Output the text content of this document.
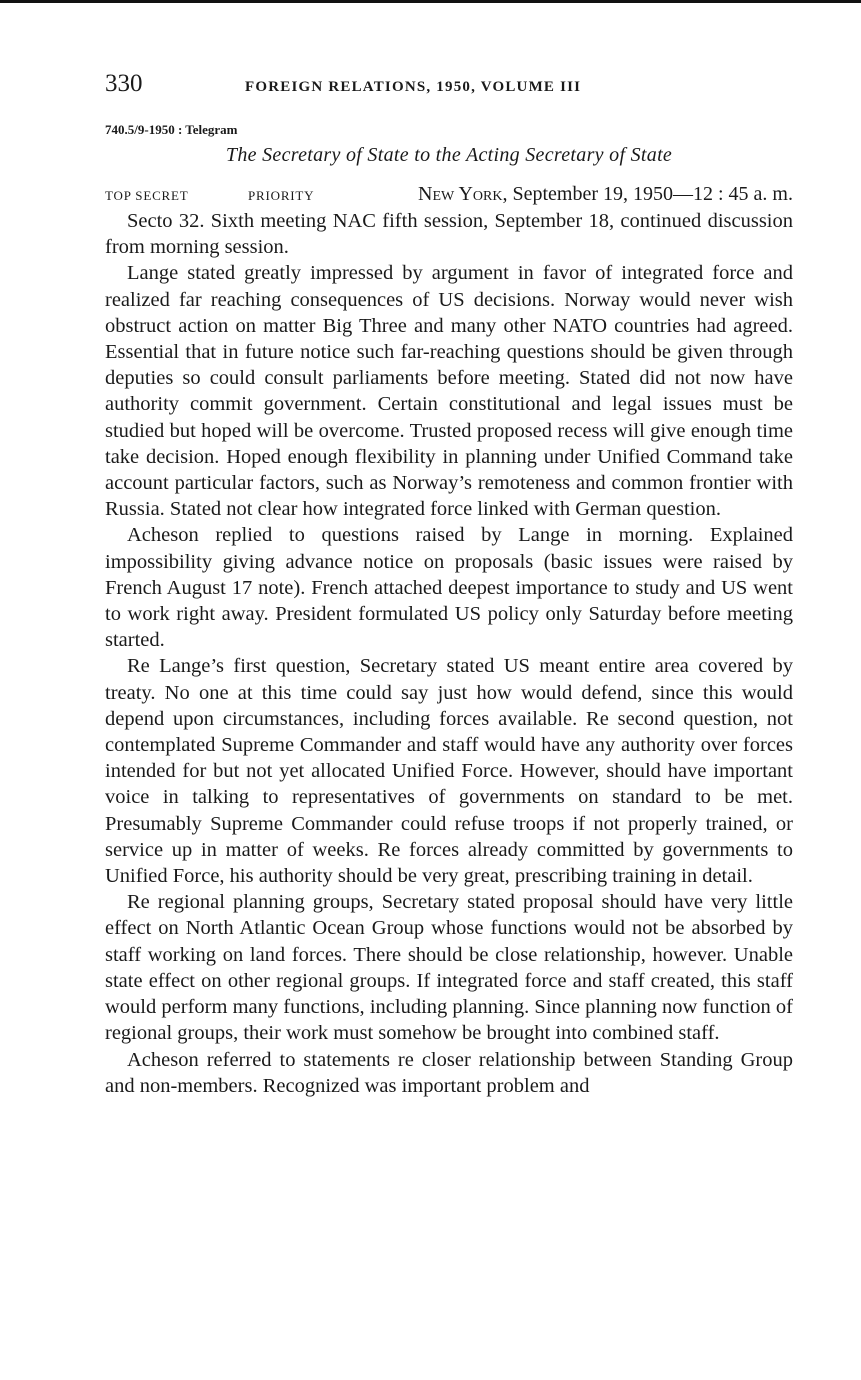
330	FOREIGN RELATIONS, 1950, VOLUME III
740.5/9-1950 : Telegram
The Secretary of State to the Acting Secretary of State
TOP SECRET	PRIORITY	New York, September 19, 1950—12 : 45 a. m.

Secto 32. Sixth meeting NAC fifth session, September 18, continued discussion from morning session.

Lange stated greatly impressed by argument in favor of integrated force and realized far reaching consequences of US decisions. Norway would never wish obstruct action on matter Big Three and many other NATO countries had agreed. Essential that in future notice such far-reaching questions should be given through deputies so could consult parliaments before meeting. Stated did not now have authority commit government. Certain constitutional and legal issues must be studied but hoped will be overcome. Trusted proposed recess will give enough time take decision. Hoped enough flexibility in planning under Unified Command take account particular factors, such as Norway’s remoteness and common frontier with Russia. Stated not clear how integrated force linked with German question.

Acheson replied to questions raised by Lange in morning. Explained impossibility giving advance notice on proposals (basic issues were raised by French August 17 note). French attached deepest importance to study and US went to work right away. President formulated US policy only Saturday before meeting started.

Re Lange’s first question, Secretary stated US meant entire area covered by treaty. No one at this time could say just how would defend, since this would depend upon circumstances, including forces available. Re second question, not contemplated Supreme Commander and staff would have any authority over forces intended for but not yet allocated Unified Force. However, should have important voice in talking to representatives of governments on standard to be met. Presumably Supreme Commander could refuse troops if not properly trained, or service up in matter of weeks. Re forces already committed by governments to Unified Force, his authority should be very great, prescribing training in detail.

Re regional planning groups, Secretary stated proposal should have very little effect on North Atlantic Ocean Group whose functions would not be absorbed by staff working on land forces. There should be close relationship, however. Unable state effect on other regional groups. If integrated force and staff created, this staff would perform many functions, including planning. Since planning now function of regional groups, their work must somehow be brought into combined staff.

Acheson referred to statements re closer relationship between Standing Group and non-members. Recognized was important problem and
